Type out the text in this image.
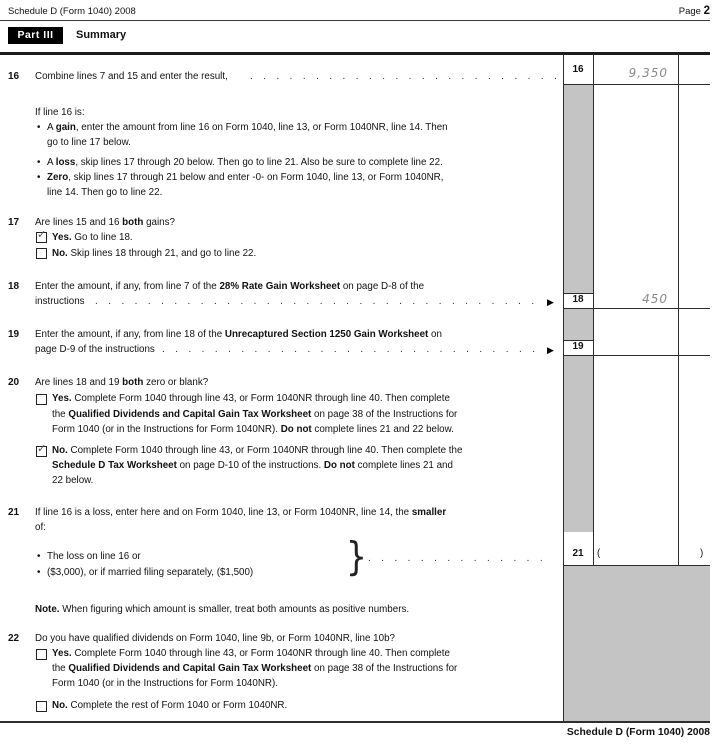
Schedule D (Form 1040) 2008	Page 2
Part III	Summary
16 Combine lines 7 and 15 and enter the result,
.....
16	9,350
If line 16 is:
• A gain, enter the amount from line 16 on Form 1040, line 13, or Form 1040NR, line 14. Then
go to line 17 below.
• A loss, skip lines 17 through 20 below. Then go to line 21. Also be sure to complete line 22.
• Zero, skip lines 17 through 21 below and enter -0- on Form 1040, line 13, or Form 1040NR,
line 14. Then go to line 22.
17 Are lines 15 and 16 both gains?
✓ Yes. Go to line 18.
No. Skip lines 18 through 21, and go to line 22.
18 Enter the amount, if any, from line 7 of the 28% Rate Gain Worksheet on page D-8 of the
instructions .....	▶	18	450
19 Enter the amount, if any, from line 18 of the Unrecaptured Section 1250 Gain Worksheet on
page D-9 of the instructions .....	▶	19
20 Are lines 18 and 19 both zero or blank?
Yes. Complete Form 1040 through line 43, or Form 1040NR through line 40. Then complete
the Qualified Dividends and Capital Gain Tax Worksheet on page 38 of the Instructions for
Form 1040 (or in the Instructions for Form 1040NR). Do not complete lines 21 and 22 below.
✓ No. Complete Form 1040 through line 43, or Form 1040NR through line 40. Then complete the
Schedule D Tax Worksheet on page D-10 of the instructions. Do not complete lines 21 and
22 below.
21 If line 16 is a loss, enter here and on Form 1040, line 13, or Form 1040NR, line 14, the smaller
of:
• The loss on line 16 or
• ($3,000), or if married filing separately, ($1,500) } .....	21	(	)
Note. When figuring which amount is smaller, treat both amounts as positive numbers.
22 Do you have qualified dividends on Form 1040, line 9b, or Form 1040NR, line 10b?
Yes. Complete Form 1040 through line 43, or Form 1040NR through line 40. Then complete
the Qualified Dividends and Capital Gain Tax Worksheet on page 38 of the Instructions for
Form 1040 (or in the Instructions for Form 1040NR).
No. Complete the rest of Form 1040 or Form 1040NR.
Schedule D (Form 1040) 2008
